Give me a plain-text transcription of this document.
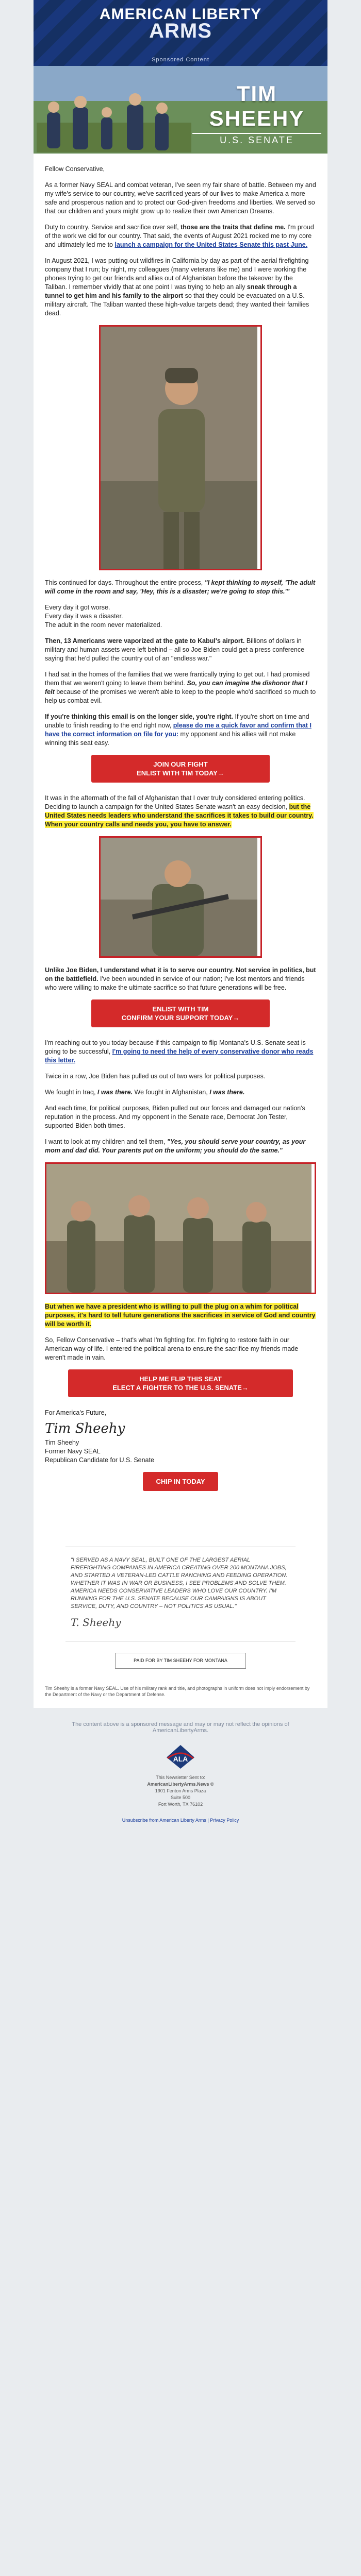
AMERICAN LIBERTY
ARMS
Sponsored Content
TIM SHEEHY
U.S. SENATE

Fellow Conservative,

As a former Navy SEAL and combat veteran, I've seen my fair share of battle. Between my and my wife's service to our country, we've sacrificed years of our lives to make America a more safe and prosperous nation and to protect our God-given freedoms and liberties. We served so that our children and yours might grow up to realize their own American Dreams.

Duty to country. Service and sacrifice over self, those are the traits that define me. I'm proud of the work we did for our country. That said, the events of August 2021 rocked me to my core and ultimately led me to launch a campaign for the United States Senate this past June.

In August 2021, I was putting out wildfires in California by day as part of the aerial firefighting company that I run; by night, my colleagues (many veterans like me) and I were working the phones trying to get our friends and allies out of Afghanistan before the takeover by the Taliban. I remember vividly that at one point I was trying to help an ally sneak through a tunnel to get him and his family to the airport so that they could be evacuated on a U.S. military aircraft. The Taliban wanted these high-value targets dead; they wanted their families dead.

This continued for days. Throughout the entire process, "I kept thinking to myself, 'The adult will come in the room and say, 'Hey, this is a disaster; we're going to stop this.'"

Every day it got worse.
Every day it was a disaster.
The adult in the room never materialized.

Then, 13 Americans were vaporized at the gate to Kabul's airport. Billions of dollars in military and human assets were left behind – all so Joe Biden could get a press conference saying that he'd pulled the country out of an "endless war."

I had sat in the homes of the families that we were frantically trying to get out. I had promised them that we weren't going to leave them behind. So, you can imagine the dishonor that I felt because of the promises we weren't able to keep to the people who'd sacrificed so much to help us combat evil.

If you're thinking this email is on the longer side, you're right. If you're short on time and unable to finish reading to the end right now, please do me a quick favor and confirm that I have the correct information on file for you: my opponent and his allies will not make winning this seat easy.

JOIN OUR FIGHT
ENLIST WITH TIM TODAY→

It was in the aftermath of the fall of Afghanistan that I over truly considered entering politics. Deciding to launch a campaign for the United States Senate wasn't an easy decision, but the United States needs leaders who understand the sacrifices it takes to build our country. When your country calls and needs you, you have to answer.

Unlike Joe Biden, I understand what it is to serve our country. Not service in politics, but on the battlefield. I've been wounded in service of our nation; I've lost mentors and friends who were willing to make the ultimate sacrifice so that future generations will be free.

ENLIST WITH TIM
CONFIRM YOUR SUPPORT TODAY→

I'm reaching out to you today because if this campaign to flip Montana's U.S. Senate seat is going to be successful, I'm going to need the help of every conservative donor who reads this letter.

Twice in a row, Joe Biden has pulled us out of two wars for political purposes.

We fought in Iraq, I was there. We fought in Afghanistan, I was there.

And each time, for political purposes, Biden pulled out our forces and damaged our nation's reputation in the process. And my opponent in the Senate race, Democrat Jon Tester, supported Biden both times.

I want to look at my children and tell them, "Yes, you should serve your country, as your mom and dad did. Your parents put on the uniform; you should do the same."

But when we have a president who is willing to pull the plug on a whim for political purposes, it's hard to tell future generations the sacrifices in service of God and country will be worth it.

So, Fellow Conservative – that's what I'm fighting for. I'm fighting to restore faith in our American way of life. I entered the political arena to ensure the sacrifice my friends made weren't made in vain.

HELP ME FLIP THIS SEAT
ELECT A FIGHTER TO THE U.S. SENATE→

For America's Future,

Tim Sheehy

Tim Sheehy
Former Navy SEAL
Republican Candidate for U.S. Senate

CHIP IN TODAY
"I SERVED AS A NAVY SEAL, BUILT ONE OF THE LARGEST AERIAL FIREFIGHTING COMPANIES IN AMERICA CREATING OVER 200 MONTANA JOBS, AND STARTED A VETERAN-LED CATTLE RANCHING AND FEEDING OPERATION. WHETHER IT WAS IN WAR OR BUSINESS, I SEE PROBLEMS AND SOLVE THEM. AMERICA NEEDS CONSERVATIVE LEADERS WHO LOVE OUR COUNTRY. I'M RUNNING FOR THE U.S. SENATE BECAUSE OUR CAMPAIGNS IS ABOUT SERVICE, DUTY, AND COUNTRY – NOT POLITICS AS USUAL."
T. Sheehy
PAID FOR BY TIM SHEEHY FOR MONTANA
Tim Sheehy is a former Navy SEAL. Use of his military rank and title, and photographs in uniform does not imply endorsement by the Department of the Navy or the Department of Defense.
The content above is a sponsored message and may or may not reflect the opinions of AmericanLibertyArms.
ALA
This Newsletter Sent to:
AmericanLibertyArms.News ©
1901 Fenton Arms Plaza
Suite 500
Fort Worth, TX 76102
Unsubscribe from American Liberty Arms | Privacy Policy
